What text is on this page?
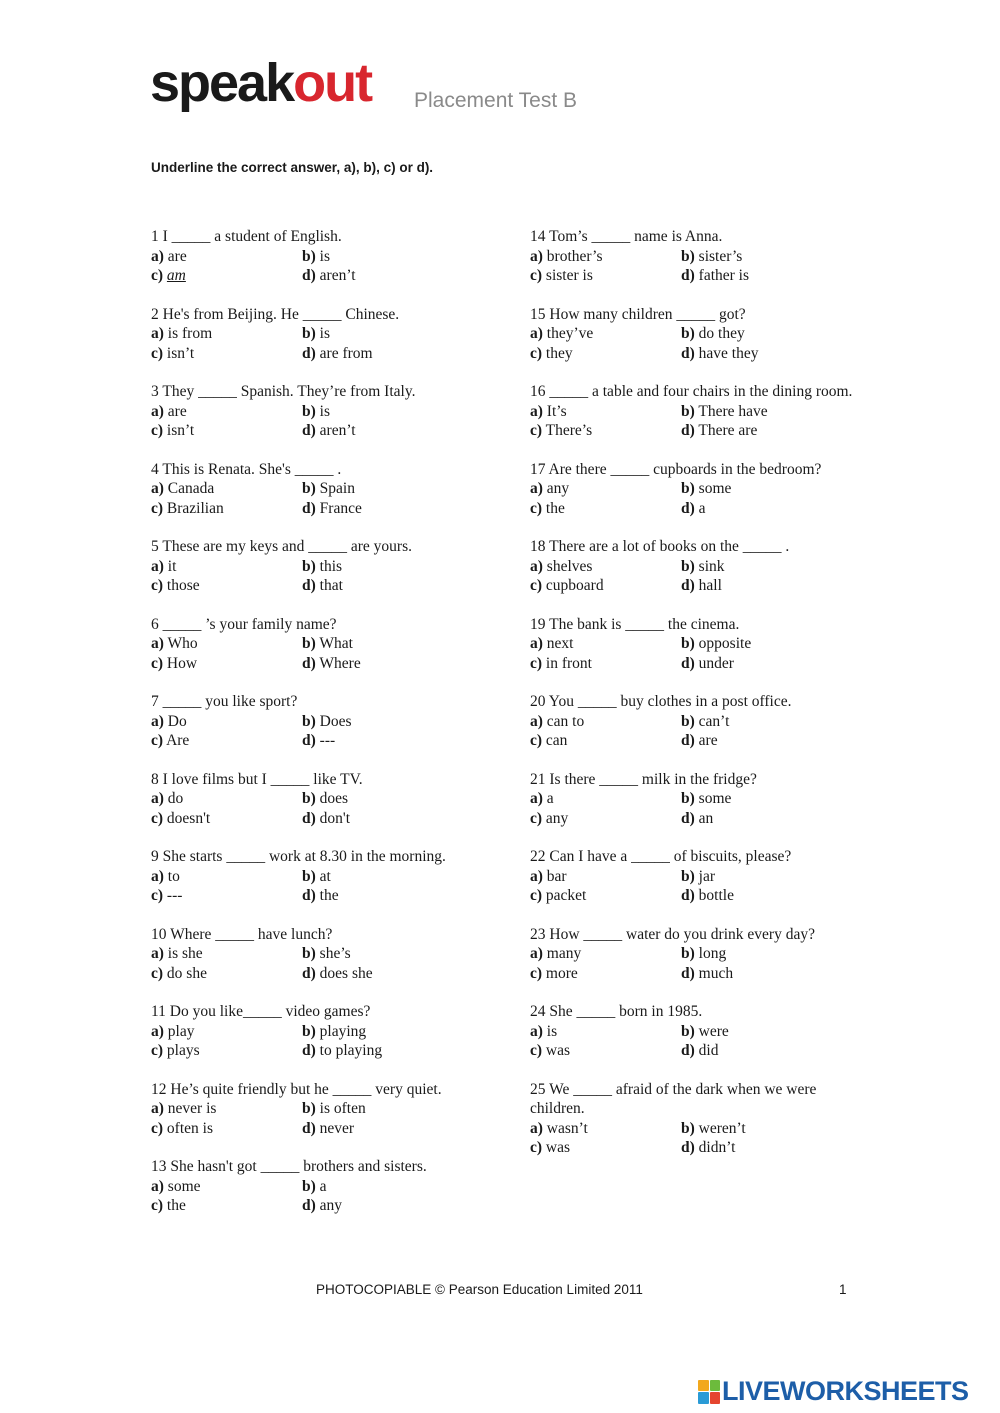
speakout Placement Test B
Underline the correct answer, a), b), c) or d).
1 I _____ a student of English.
a) are	b) is
c) am	d) aren’t
2 He's from Beijing. He _____ Chinese.
a) is from	b) is
c) isn’t	d) are from
3 They _____ Spanish. They’re from Italy.
a) are	b) is
c) isn’t	d) aren’t
4 This is Renata. She's _____ .
a) Canada	b) Spain
c) Brazilian	d) France
5 These are my keys and _____ are yours.
a) it	b) this
c) those	d) that
6 _____ ’s your family name?
a) Who	b) What
c) How	d) Where
7 _____ you like sport?
a) Do	b) Does
c) Are	d) ---
8 I love films but I _____ like TV.
a) do	b) does
c) doesn't	d) don't
9 She starts _____ work at 8.30 in the morning.
a) to	b) at
c) ---	d) the
10 Where _____ have lunch?
a) is she	b) she’s
c) do she	d) does she
11 Do you like_____ video games?
a) play	b) playing
c) plays	d) to playing
12 He’s quite friendly but he _____ very quiet.
a) never is	b) is often
c) often is	d) never
13 She hasn't got _____ brothers and sisters.
a) some	b) a
c) the	d) any
14 Tom’s _____ name is Anna.
a) brother’s	b) sister’s
c) sister is	d) father is
15 How many children _____ got?
a) they’ve	b) do they
c) they	d) have they
16 _____ a table and four chairs in the dining room.
a) It’s	b) There have
c) There’s	d) There are
17 Are there _____ cupboards in the bedroom?
a) any	b) some
c) the	d) a
18 There are a lot of books on the _____ .
a) shelves	b) sink
c) cupboard	d) hall
19 The bank is _____ the cinema.
a) next	b) opposite
c) in front	d) under
20 You _____ buy clothes in a post office.
a) can to	b) can’t
c) can	d) are
21 Is there _____ milk in the fridge?
a) a	b) some
c) any	d) an
22 Can I have a _____ of biscuits, please?
a) bar	b) jar
c) packet	d) bottle
23 How _____ water do you drink every day?
a) many	b) long
c) more	d) much
24 She _____ born in 1985.
a) is	b) were
c) was	d) did
25 We _____ afraid of the dark when we were children.
a) wasn’t	b) weren’t
c) was	d) didn’t
PHOTOCOPIABLE © Pearson Education Limited 2011	1
LIVEWORKSHEETS
